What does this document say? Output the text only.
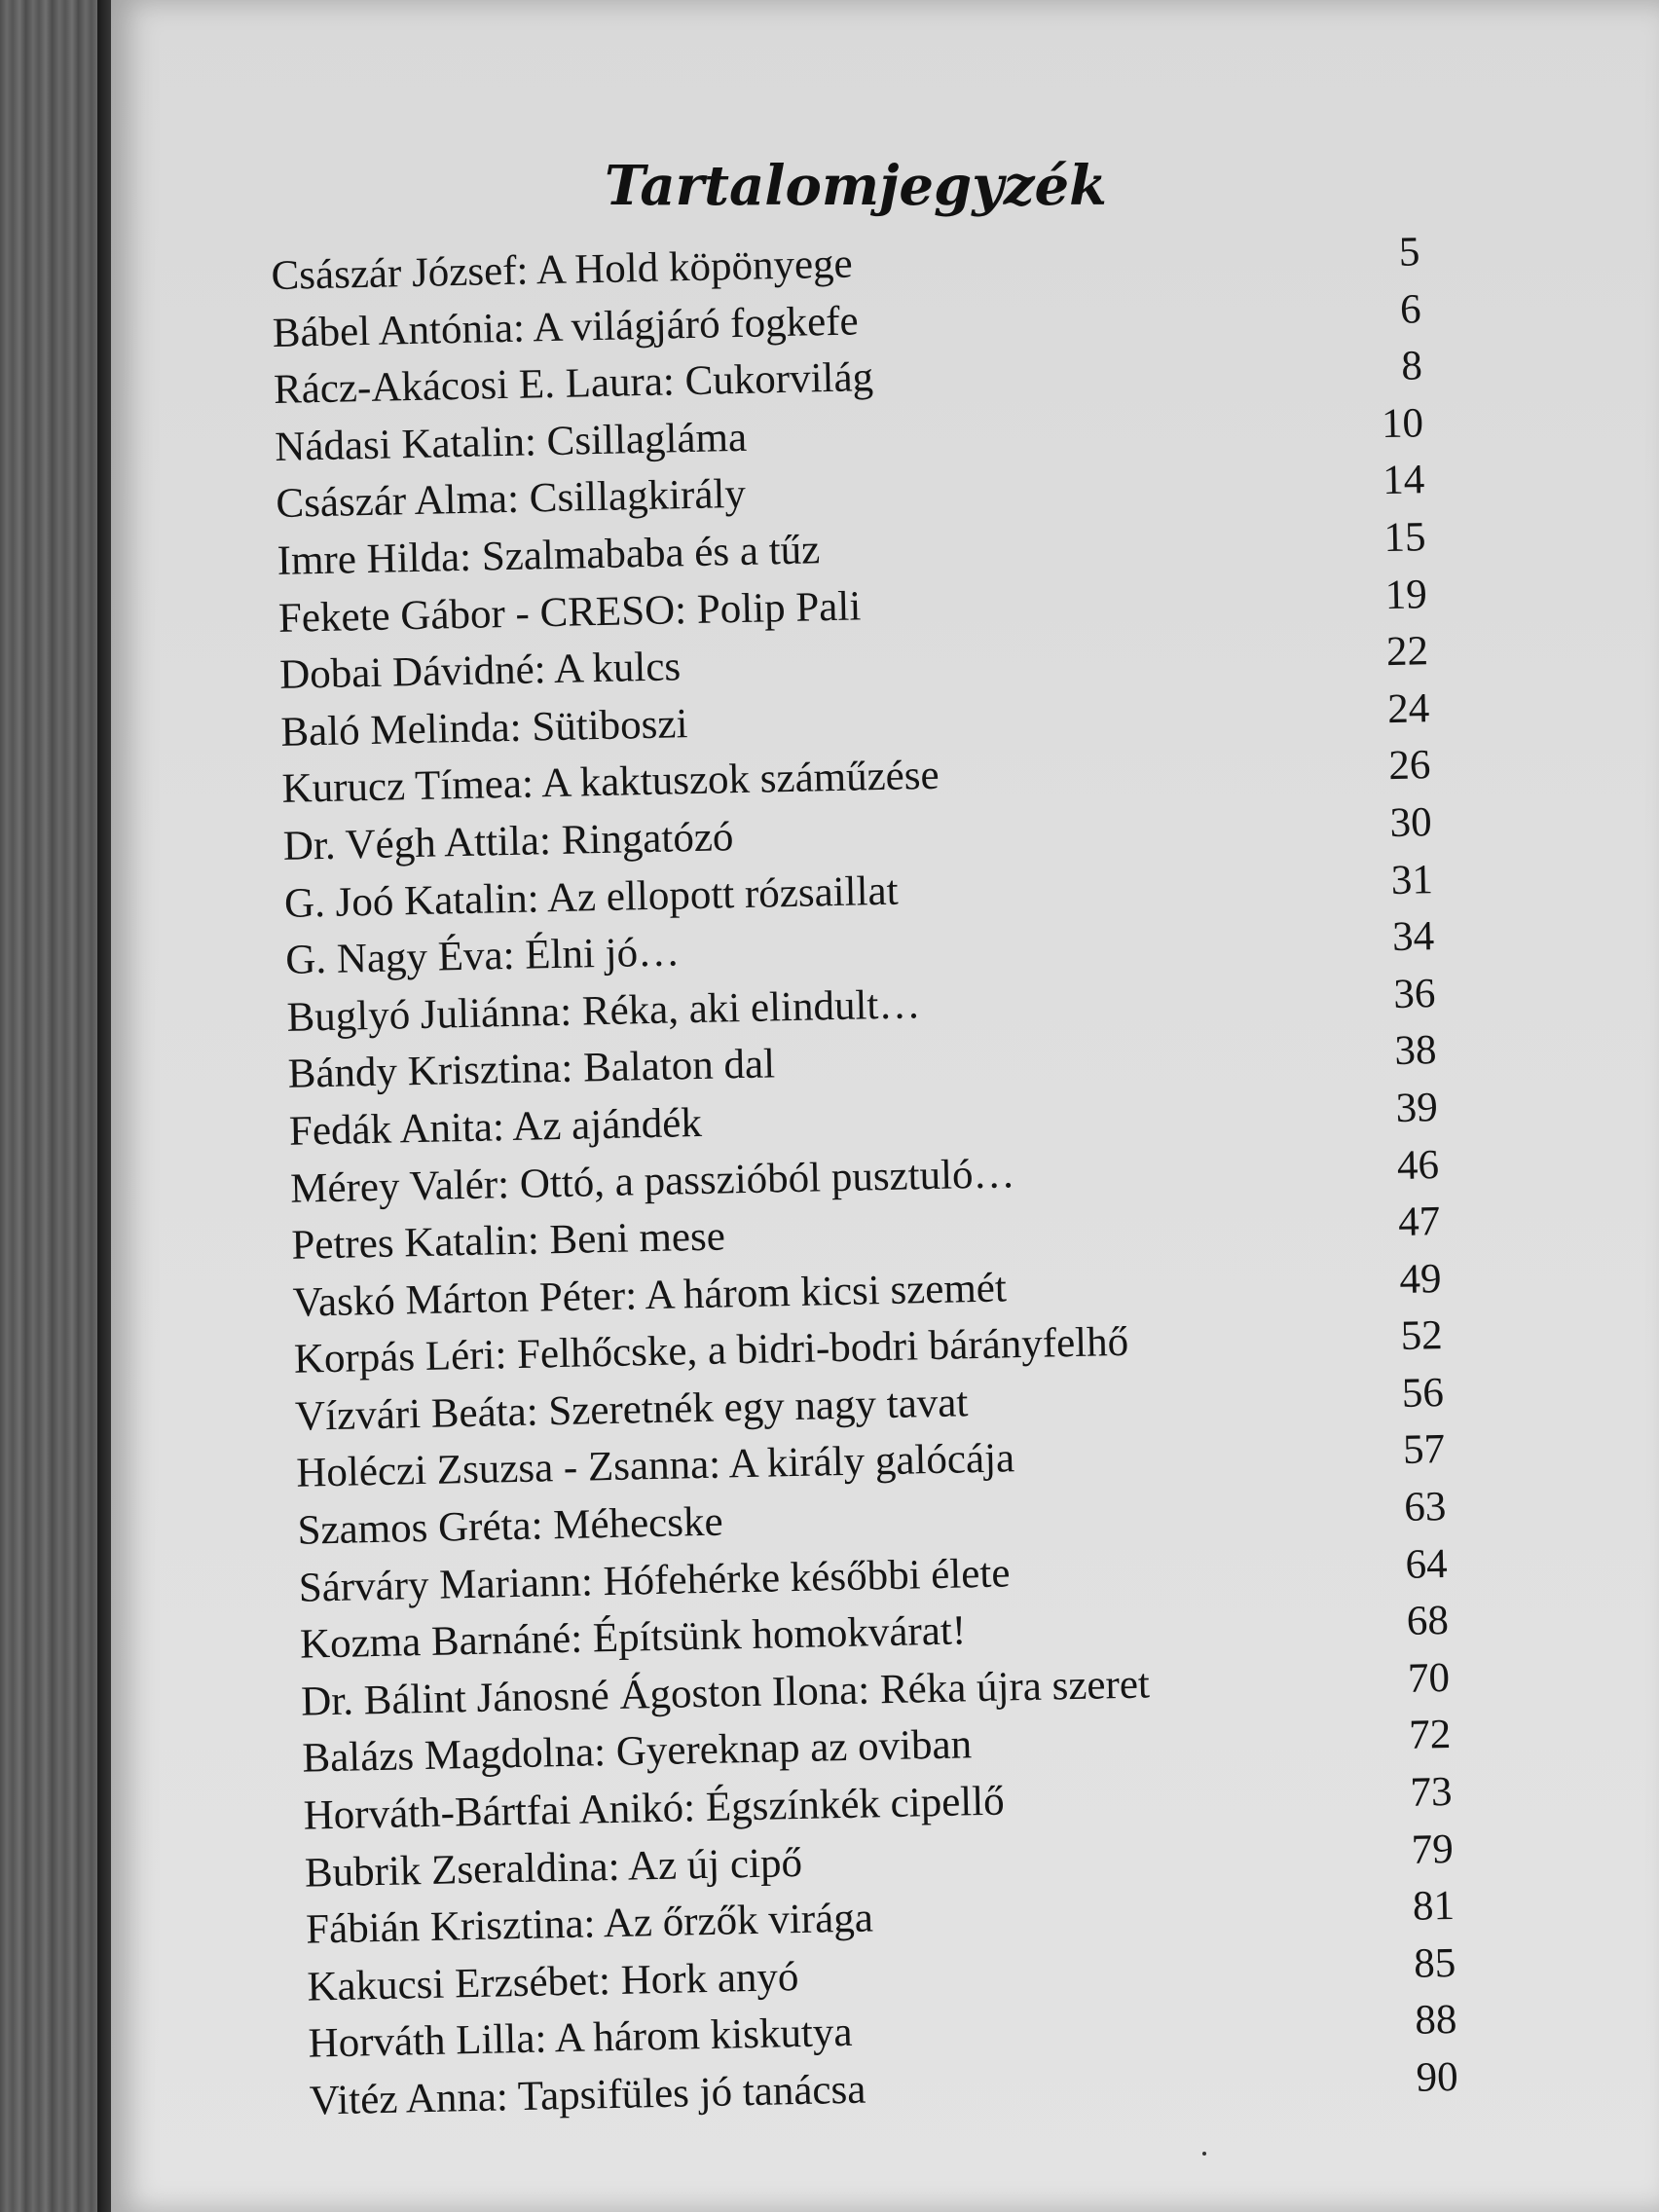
Tartalomjegyzék
Császár József: A Hold köpönyege	5
Bábel Antónia: A világjáró fogkefe	6
Rácz-Akácosi E. Laura: Cukorvilág	8
Nádasi Katalin: Csillagláma	10
Császár Alma: Csillagkirály	14
Imre Hilda: Szalmababa és a tűz	15
Fekete Gábor - CRESO: Polip Pali	19
Dobai Dávidné: A kulcs	22
Baló Melinda: Sütiboszi	24
Kurucz Tímea: A kaktuszok száműzése	26
Dr. Végh Attila: Ringatózó	30
G. Joó Katalin: Az ellopott rózsaillat	31
G. Nagy Éva: Élni jó…	34
Buglyó Juliánna: Réka, aki elindult…	36
Bándy Krisztina: Balaton dal	38
Fedák Anita: Az ajándék	39
Mérey Valér: Ottó, a passzióból pusztuló…	46
Petres Katalin: Beni mese	47
Vaskó Márton Péter: A három kicsi szemét	49
Korpás Léri: Felhőcske, a bidri-bodri bárányfelhő	52
Vízvári Beáta: Szeretnék egy nagy tavat	56
Holéczi Zsuzsa - Zsanna: A király galócája	57
Szamos Gréta: Méhecske	63
Sárváry Mariann: Hófehérke későbbi élete	64
Kozma Barnáné: Építsünk homokvárat!	68
Dr. Bálint Jánosné Ágoston Ilona: Réka újra szeret	70
Balázs Magdolna: Gyereknap az oviban	72
Horváth-Bártfai Anikó: Égszínkék cipellő	73
Bubrik Zseraldina: Az új cipő	79
Fábián Krisztina: Az őrzők virága	81
Kakucsi Erzsébet: Hork anyó	85
Horváth Lilla: A három kiskutya	88
Vitéz Anna: Tapsifüles jó tanácsa	90
